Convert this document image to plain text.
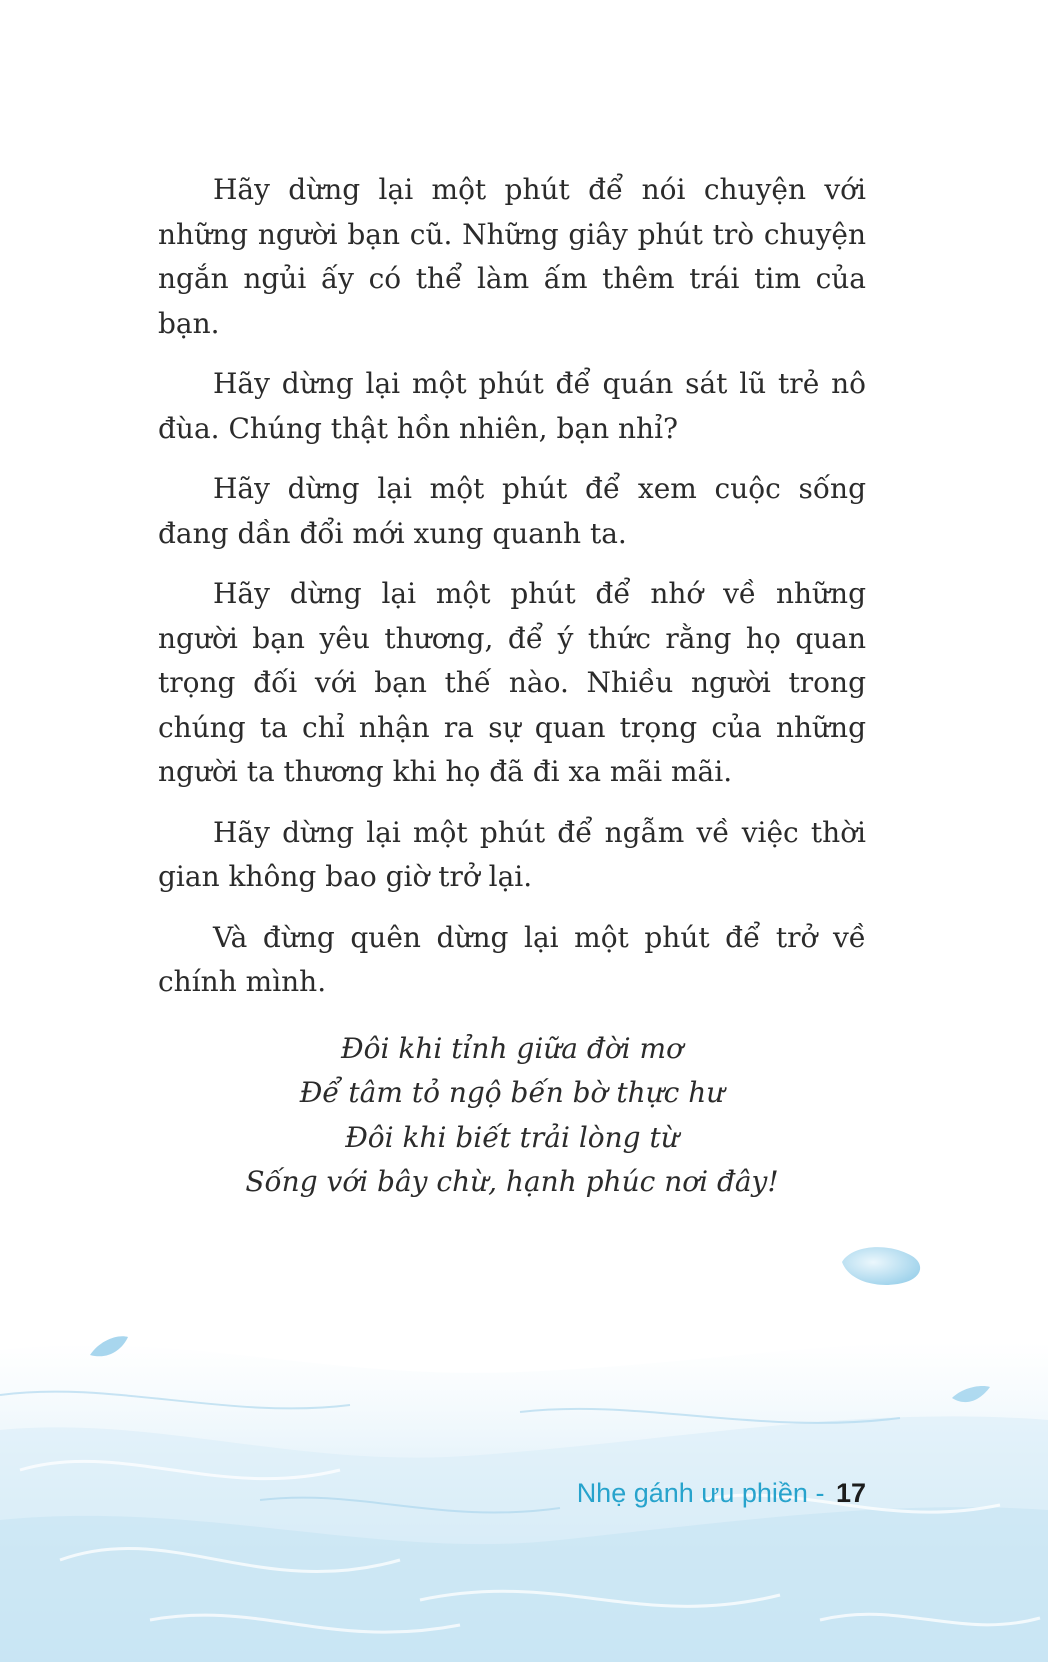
Hãy dừng lại một phút để nói chuyện với những người bạn cũ. Những giây phút trò chuyện ngắn ngủi ấy có thể làm ấm thêm trái tim của bạn.

Hãy dừng lại một phút để quán sát lũ trẻ nô đùa. Chúng thật hồn nhiên, bạn nhỉ?

Hãy dừng lại một phút để xem cuộc sống đang dần đổi mới xung quanh ta.

Hãy dừng lại một phút để nhớ về những người bạn yêu thương, để ý thức rằng họ quan trọng đối với bạn thế nào. Nhiều người trong chúng ta chỉ nhận ra sự quan trọng của những người ta thương khi họ đã đi xa mãi mãi.

Hãy dừng lại một phút để ngẫm về việc thời gian không bao giờ trở lại.

Và đừng quên dừng lại một phút để trở về chính mình.

Đôi khi tỉnh giữa đời mơ
Để tâm tỏ ngộ bến bờ thực hư
Đôi khi biết trải lòng từ
Sống với bây chừ, hạnh phúc nơi đây!
Nhẹ gánh ưu phiền - 17
